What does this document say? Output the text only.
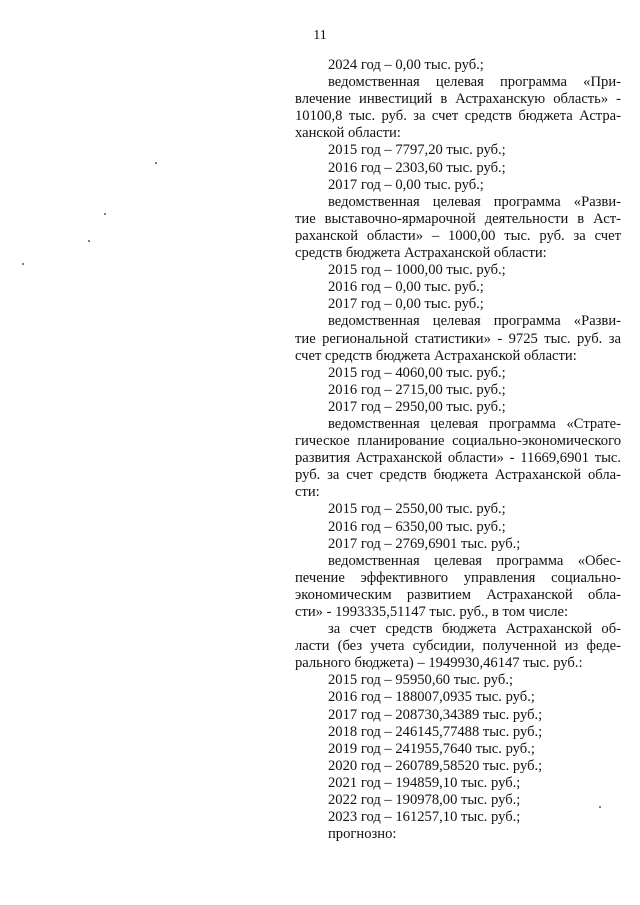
11
2024 год – 0,00 тыс. руб.;
ведомственная целевая программа «При-
влечение инвестиций в Астраханскую область» -
10100,8 тыс. руб. за счет средств бюджета Астра-
ханской области:
2015 год – 7797,20 тыс. руб.;
2016 год – 2303,60 тыс. руб.;
2017 год – 0,00 тыс. руб.;
ведомственная целевая программа «Разви-
тие выставочно-ярмарочной деятельности в Аст-
раханской области» – 1000,00 тыс. руб. за счет
средств бюджета Астраханской области:
2015 год – 1000,00 тыс. руб.;
2016 год – 0,00 тыс. руб.;
2017 год – 0,00 тыс. руб.;
ведомственная целевая программа «Разви-
тие региональной статистики» - 9725 тыс. руб. за
счет средств бюджета Астраханской области:
2015 год – 4060,00 тыс. руб.;
2016 год – 2715,00 тыс. руб.;
2017 год – 2950,00 тыс. руб.;
ведомственная целевая программа «Страте-
гическое планирование социально-экономического
развития Астраханской области» - 11669,6901 тыс.
руб. за счет средств бюджета Астраханской обла-
сти:
2015 год – 2550,00 тыс. руб.;
2016 год – 6350,00 тыс. руб.;
2017 год – 2769,6901 тыс. руб.;
ведомственная целевая программа «Обес-
печение эффективного управления социально-
экономическим развитием Астраханской обла-
сти» - 1993335,51147 тыс. руб., в том числе:
за счет средств бюджета Астраханской об-
ласти (без учета субсидии, полученной из феде-
рального бюджета) – 1949930,46147 тыс. руб.:
2015 год – 95950,60 тыс. руб.;
2016 год – 188007,0935 тыс. руб.;
2017 год – 208730,34389 тыс. руб.;
2018 год – 246145,77488 тыс. руб.;
2019 год – 241955,7640 тыс. руб.;
2020 год – 260789,58520 тыс. руб.;
2021 год – 194859,10 тыс. руб.;
2022 год – 190978,00 тыс. руб.;
2023 год – 161257,10 тыс. руб.;
прогнозно:
